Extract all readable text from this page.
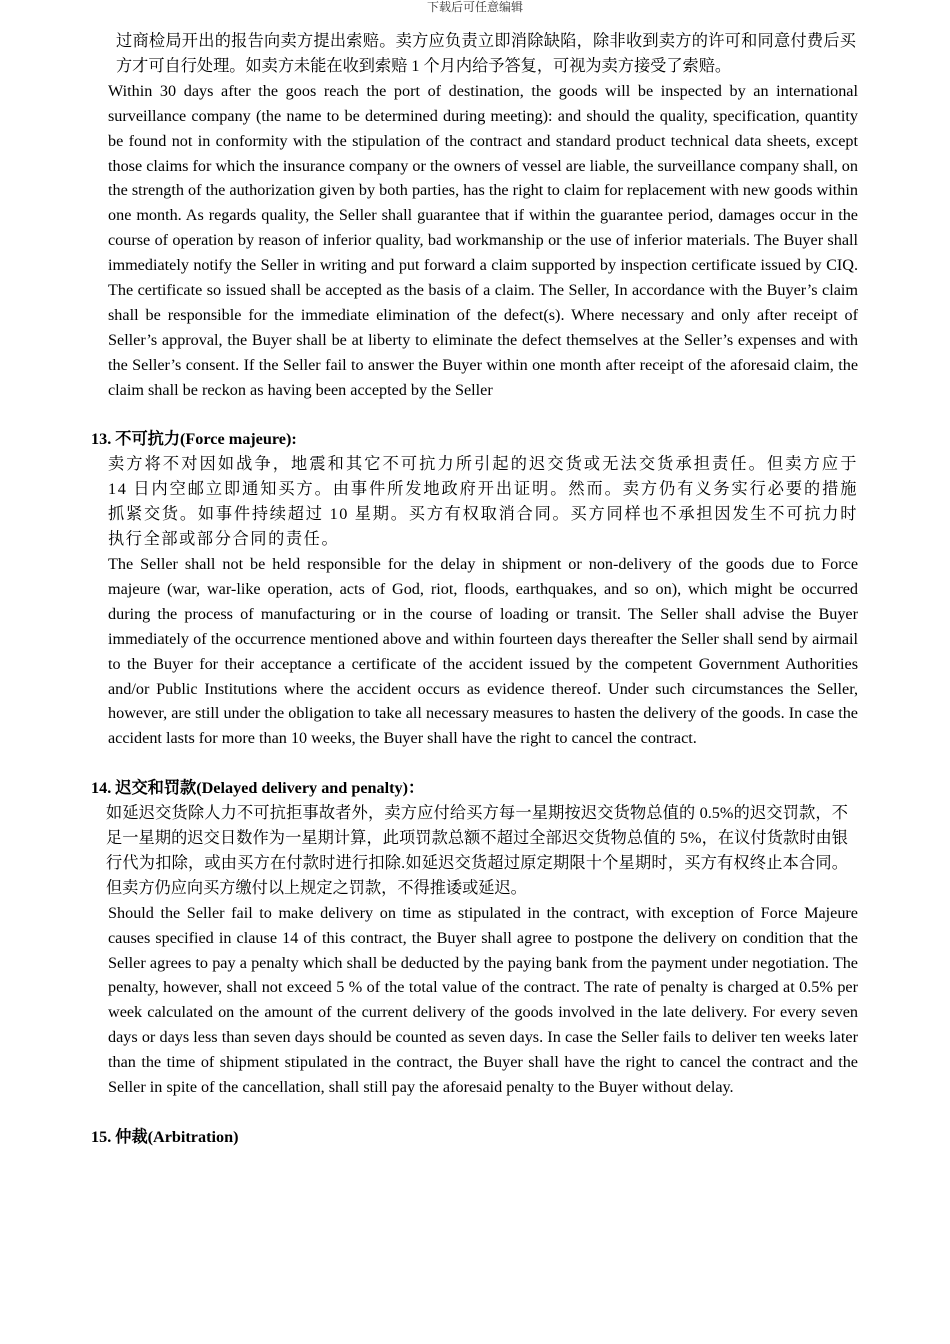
下载后可任意编辑

过商检局开出的报告向卖方提出索赔。卖方应负责立即消除缺陷，除非收到卖方的许可和同意付费后买方才可自行处理。如卖方未能在收到索赔 1 个月内给予答复，可视为卖方接受了索赔。

Within 30 days after the goos reach the port of destination, the goods will be inspected by an international surveillance company (the name to be determined during meeting): and should the quality, specification, quantity be found not in conformity with the stipulation of the contract and standard product technical data sheets, except those claims for which the insurance company or the owners of vessel are liable, the surveillance company shall, on the strength of the authorization given by both parties, has the right to claim for replacement with new goods within one month. As regards quality, the Seller shall guarantee that if within the guarantee period, damages occur in the course of operation by reason of inferior quality, bad workmanship or the use of inferior materials. The Buyer shall immediately notify the Seller in writing and put forward a claim supported by inspection certificate issued by CIQ. The certificate so issued shall be accepted as the basis of a claim. The Seller, In accordance with the Buyer’s claim shall be responsible for the immediate elimination of the defect(s). Where necessary and only after receipt of Seller’s approval, the Buyer shall be at liberty to eliminate the defect themselves at the Seller’s expenses and with the Seller’s consent. If the Seller fail to answer the Buyer within one month after receipt of the aforesaid claim, the claim shall be reckon as having been accepted by the Seller

13. 不可抗力(Force majeure):

卖方将不对因如战争，地震和其它不可抗力所引起的迟交货或无法交货承担责任。但卖方应于 14 日内空邮立即通知买方。由事件所发地政府开出证明。然而。卖方仍有义务实行必要的措施抓紧交货。如事件持续超过 10 星期。买方有权取消合同。买方同样也不承担因发生不可抗力时执行全部或部分合同的责任。

The Seller shall not be held responsible for the delay in shipment or non-delivery of the goods due to Force majeure (war, war-like operation, acts of God, riot, floods, earthquakes, and so on), which might be occurred during the process of manufacturing or in the course of loading or transit. The Seller shall advise the Buyer immediately of the occurrence mentioned above and within fourteen days thereafter the Seller shall send by airmail to the Buyer for their acceptance a certificate of the accident issued by the competent Government Authorities and/or Public Institutions where the accident occurs as evidence thereof. Under such circumstances the Seller, however, are still under the obligation to take all necessary measures to hasten the delivery of the goods. In case the accident lasts for more than 10 weeks, the Buyer shall have the right to cancel the contract.

14. 迟交和罚款(Delayed delivery and penalty)：

如延迟交货除人力不可抗拒事故者外，卖方应付给买方每一星期按迟交货物总值的 0.5%的迟交罚款，不足一星期的迟交日数作为一星期计算，此项罚款总额不超过全部迟交货物总值的 5%，在议付货款时由银行代为扣除，或由买方在付款时进行扣除.如延迟交货超过原定期限十个星期时，买方有权终止本合同。但卖方仍应向买方缴付以上规定之罚款，不得推诿或延迟。

Should the Seller fail to make delivery on time as stipulated in the contract, with exception of Force Majeure causes specified in clause 14 of this contract, the Buyer shall agree to postpone the delivery on condition that the Seller agrees to pay a penalty which shall be deducted by the paying bank from the payment under negotiation. The penalty, however, shall not exceed 5 % of the total value of the contract. The rate of penalty is charged at 0.5% per week calculated on the amount of the current delivery of the goods involved in the late delivery. For every seven days or days less than seven days should be counted as seven days. In case the Seller fails to deliver ten weeks later than the time of shipment stipulated in the contract, the Buyer shall have the right to cancel the contract and the Seller in spite of the cancellation, shall still pay the aforesaid penalty to the Buyer without delay.

15. 仲裁(Arbitration)
